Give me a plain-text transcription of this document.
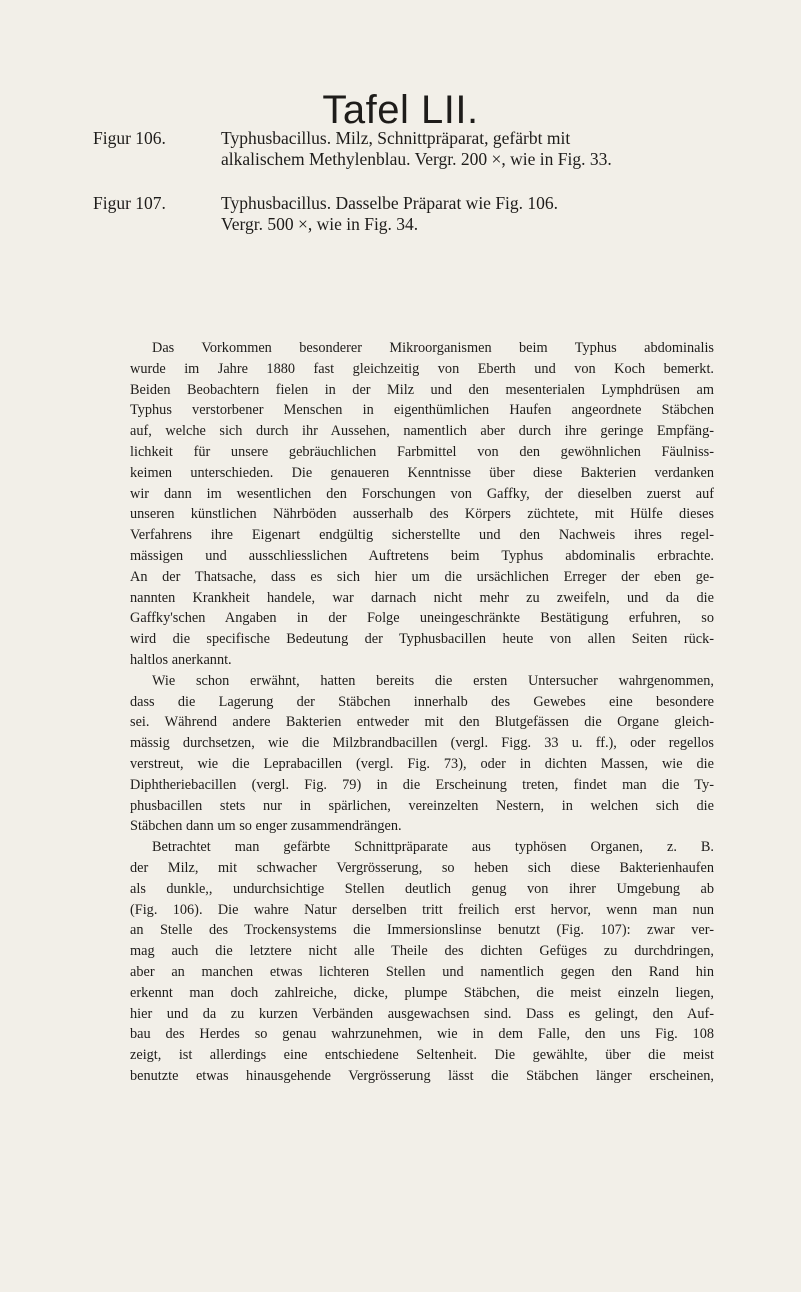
Tafel LII.
Figur 106.	Typhusbacillus. Milz, Schnittpräparat, gefärbt mit
alkalischem Methylenblau. Vergr. 200 ×, wie in Fig. 33.
Figur 107.	Typhusbacillus. Dasselbe Präparat wie Fig. 106.
Vergr. 500 ×, wie in Fig. 34.
Das Vorkommen besonderer Mikroorganismen beim Typhus abdominalis
wurde im Jahre 1880 fast gleichzeitig von Eberth und von Koch bemerkt.
Beiden Beobachtern fielen in der Milz und den mesenterialen Lymphdrüsen am
Typhus verstorbener Menschen in eigenthümlichen Haufen angeordnete Stäbchen
auf, welche sich durch ihr Aussehen, namentlich aber durch ihre geringe Empfäng-
lichkeit für unsere gebräuchlichen Farbmittel von den gewöhnlichen Fäulniss-
keimen unterschieden. Die genaueren Kenntnisse über diese Bakterien verdanken
wir dann im wesentlichen den Forschungen von Gaffky, der dieselben zuerst auf
unseren künstlichen Nährböden ausserhalb des Körpers züchtete, mit Hülfe dieses
Verfahrens ihre Eigenart endgültig sicherstellte und den Nachweis ihres regel-
mässigen und ausschliesslichen Auftretens beim Typhus abdominalis erbrachte.
An der Thatsache, dass es sich hier um die ursächlichen Erreger der eben ge-
nannten Krankheit handele, war darnach nicht mehr zu zweifeln, und da die
Gaffky'schen Angaben in der Folge uneingeschränkte Bestätigung erfuhren, so
wird die specifische Bedeutung der Typhusbacillen heute von allen Seiten rück-
haltlos anerkannt.
Wie schon erwähnt, hatten bereits die ersten Untersucher wahrgenommen,
dass die Lagerung der Stäbchen innerhalb des Gewebes eine besondere
sei. Während andere Bakterien entweder mit den Blutgefässen die Organe gleich-
mässig durchsetzen, wie die Milzbrandbacillen (vergl. Figg. 33 u. ff.), oder regellos
verstreut, wie die Leprabacillen (vergl. Fig. 73), oder in dichten Massen, wie die
Diphtheriebacillen (vergl. Fig. 79) in die Erscheinung treten, findet man die Ty-
phusbacillen stets nur in spärlichen, vereinzelten Nestern, in welchen sich die
Stäbchen dann um so enger zusammendrängen.
Betrachtet man gefärbte Schnittpräparate aus typhösen Organen, z. B.
der Milz, mit schwacher Vergrösserung, so heben sich diese Bakterienhaufen
als dunkle,, undurchsichtige Stellen deutlich genug von ihrer Umgebung ab
(Fig. 106). Die wahre Natur derselben tritt freilich erst hervor, wenn man nun
an Stelle des Trockensystems die Immersionslinse benutzt (Fig. 107): zwar ver-
mag auch die letztere nicht alle Theile des dichten Gefüges zu durchdringen,
aber an manchen etwas lichteren Stellen und namentlich gegen den Rand hin
erkennt man doch zahlreiche, dicke, plumpe Stäbchen, die meist einzeln liegen,
hier und da zu kurzen Verbänden ausgewachsen sind. Dass es gelingt, den Auf-
bau des Herdes so genau wahrzunehmen, wie in dem Falle, den uns Fig. 108
zeigt, ist allerdings eine entschiedene Seltenheit. Die gewählte, über die meist
benutzte etwas hinausgehende Vergrösserung lässt die Stäbchen länger erscheinen,
